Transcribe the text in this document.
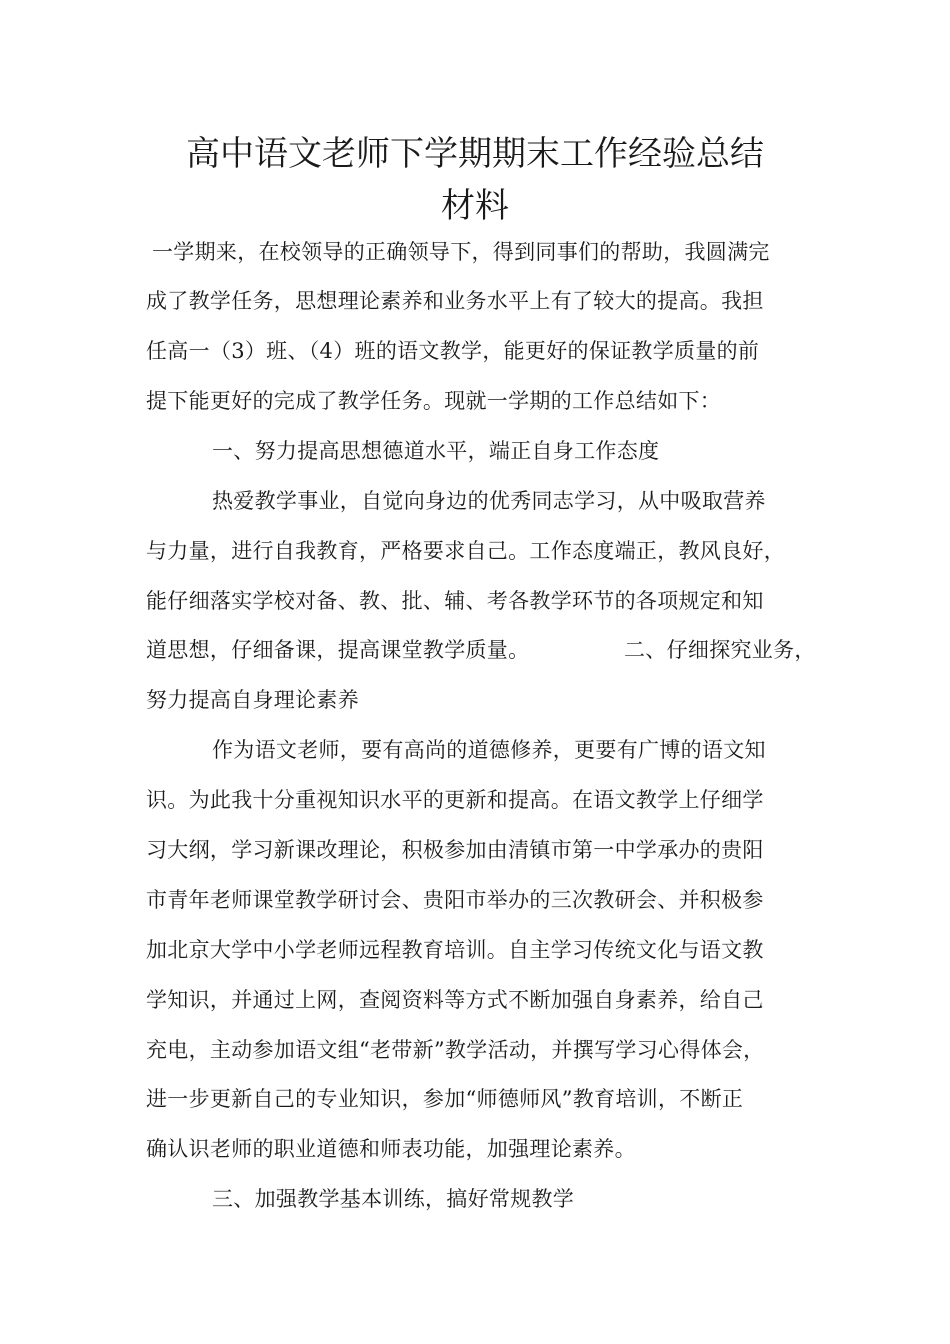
高中语文老师下学期期末工作经验总结
材料
一学期来，在校领导的正确领导下，得到同事们的帮助，我圆满完
成了教学任务，思想理论素养和业务水平上有了较大的提高。我担
任高一（3）班、（4）班的语文教学，能更好的保证教学质量的前
提下能更好的完成了教学任务。现就一学期的工作总结如下：
一、努力提高思想德道水平，端正自身工作态度
热爱教学事业，自觉向身边的优秀同志学习，从中吸取营养
与力量，进行自我教育，严格要求自己。工作态度端正，教风良好，
能仔细落实学校对备、教、批、辅、考各教学环节的各项规定和知
道思想，仔细备课，提高课堂教学质量。	二、仔细探究业务，
努力提高自身理论素养
作为语文老师，要有高尚的道德修养，更要有广博的语文知
识。为此我十分重视知识水平的更新和提高。在语文教学上仔细学
习大纲，学习新课改理论，积极参加由清镇市第一中学承办的贵阳
市青年老师课堂教学研讨会、贵阳市举办的三次教研会、并积极参
加北京大学中小学老师远程教育培训。自主学习传统文化与语文教
学知识，并通过上网，查阅资料等方式不断加强自身素养，给自己
充电，主动参加语文组“老带新”教学活动，并撰写学习心得体会，
进一步更新自己的专业知识，参加“师德师风”教育培训，不断正
确认识老师的职业道德和师表功能，加强理论素养。
三、加强教学基本训练，搞好常规教学
